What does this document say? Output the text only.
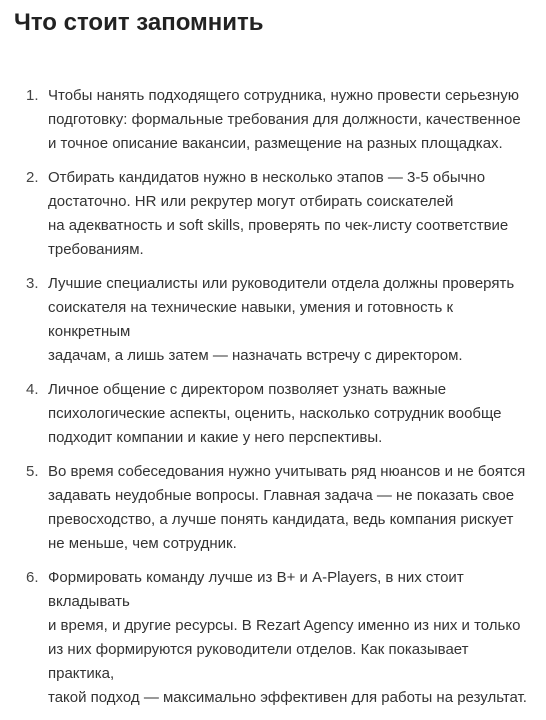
Что стоит запомнить
1. Чтобы нанять подходящего сотрудника, нужно провести серьезную
подготовку: формальные требования для должности, качественное
и точное описание вакансии, размещение на разных площадках.
2. Отбирать кандидатов нужно в несколько этапов — 3-5 обычно
достаточно. HR или рекрутер могут отбирать соискателей
на адекватность и soft skills, проверять по чек-листу соответствие
требованиям.
3. Лучшие специалисты или руководители отдела должны проверять
соискателя на технические навыки, умения и готовность к конкретным
задачам, а лишь затем — назначать встречу с директором.
4. Личное общение с директором позволяет узнать важные
психологические аспекты, оценить, насколько сотрудник вообще
подходит компании и какие у него перспективы.
5. Во время собеседования нужно учитывать ряд нюансов и не боятся
задавать неудобные вопросы. Главная задача — не показать свое
превосходство, а лучше понять кандидата, ведь компания рискует
не меньше, чем сотрудник.
6. Формировать команду лучше из B+ и A-Players, в них стоит вкладывать
и время, и другие ресурсы. В Rezart Agency именно из них и только
из них формируются руководители отделов. Как показывает практика,
такой подход — максимально эффективен для работы на результат.
